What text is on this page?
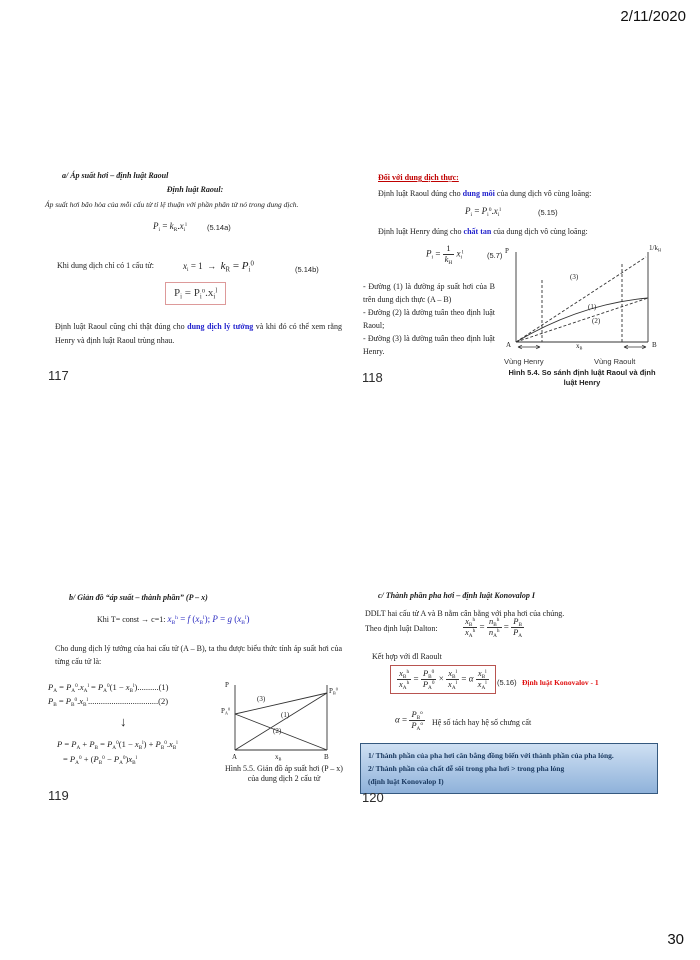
2/11/2020
30
a/ Áp suất hơi – định luật Raoul
Định luật Raoul:
Áp suất hơi bão hòa của mỗi cấu tử tỉ lệ thuận với phần phân tử nó trong dung dịch.
$P_i = k_R.x_i^l$	(5.14a)
Khi dung dịch chỉ có 1 cấu tử:	$x_i = 1 \to k_R = P_i^0$
(5.14b)
$P_i = P_i^o.x_i^l$
Định luật Raoul cũng chỉ thật đúng cho dung dịch lý tưởng và khi đó có thể xem rằng Henry và định luật Raoul trùng nhau.
117
Đối với dung dịch thực:
Định luật Raoul đúng cho dung môi của dung dịch vô cùng loãng:
$P_i = P_i^0.x_i^l$	(5.15)
Định luật Henry đúng cho chất tan của dung dịch vô cùng loãng:
$P_i = \frac{1}{k_H} x_i^l$	(5.7)
- Đường (1) là đường áp suất hơi của B trên dung dịch thực (A – B)
- Đường (2) là đường tuân theo định luật Raoul;
- Đường (3) là đường tuân theo định luật Henry.
P	$1/k_H$
(3)
(1)
(2)
A	B
$x_B$
Vùng Henry	Vùng Raoult
Hình 5.4. So sánh định luật Raoul và định luật Henry
118
b/ Giản đồ “áp suất – thành phần” (P – x)
Khi T= const → c=1: $x_B^h = f$ $(x_B^l)$; P = g $(x_B^l)$
Cho dung dịch lý tưởng của hai cấu tử (A – B), ta thu được biểu thức tính áp suất hơi của từng cấu tử là:
$P_A = P_A^0.x_A^l = P_A^0(1 - x_B^l)..........(1)$
$P_B = P_B^0.x_B^l.................................(2)$
↓
$P = P_A + P_B = P_A^0(1 - x_B^l) + P_B^0.x_B^l$
= $P_A^0 + (P_B^0 - P_A^0)x_B^l$
P
$P_A^0$
$P_B^0$
(3)
(1)
(2)
A	$x_B$	B
Hình 5.5. Giản đồ áp suất hơi (P – x) của dung dịch 2 cấu tử
119
c/ Thành phần pha hơi – định luật Konovalop I
DDLT hai cấu tử A và B nằm cân bằng với pha hơi của chúng.
Theo định luật Dalton:	$\frac{x_B^h}{x_A^h} = \frac{n_B^h}{n_A^h} = \frac{P_B}{P_A}$
Kết hợp với đl Raoult
$\frac{x_B^h}{x_A^h} = \frac{P_B^0}{P_A^0} \times \frac{x_B^l}{x_A^l} = \alpha \frac{x_B^l}{x_A^l} (5.16)$ Định luật Konovalov - 1
$\alpha = \frac{P_B^o}{P_A^o}$ Hệ số tách hay hệ số chưng cất
1/ Thành phần của pha hơi cân bằng đồng biến với thành phần của pha lỏng.
2/ Thành phần của chất dễ sôi trong pha hơi > trong pha lỏng
(định luật Konovalop I)
120
